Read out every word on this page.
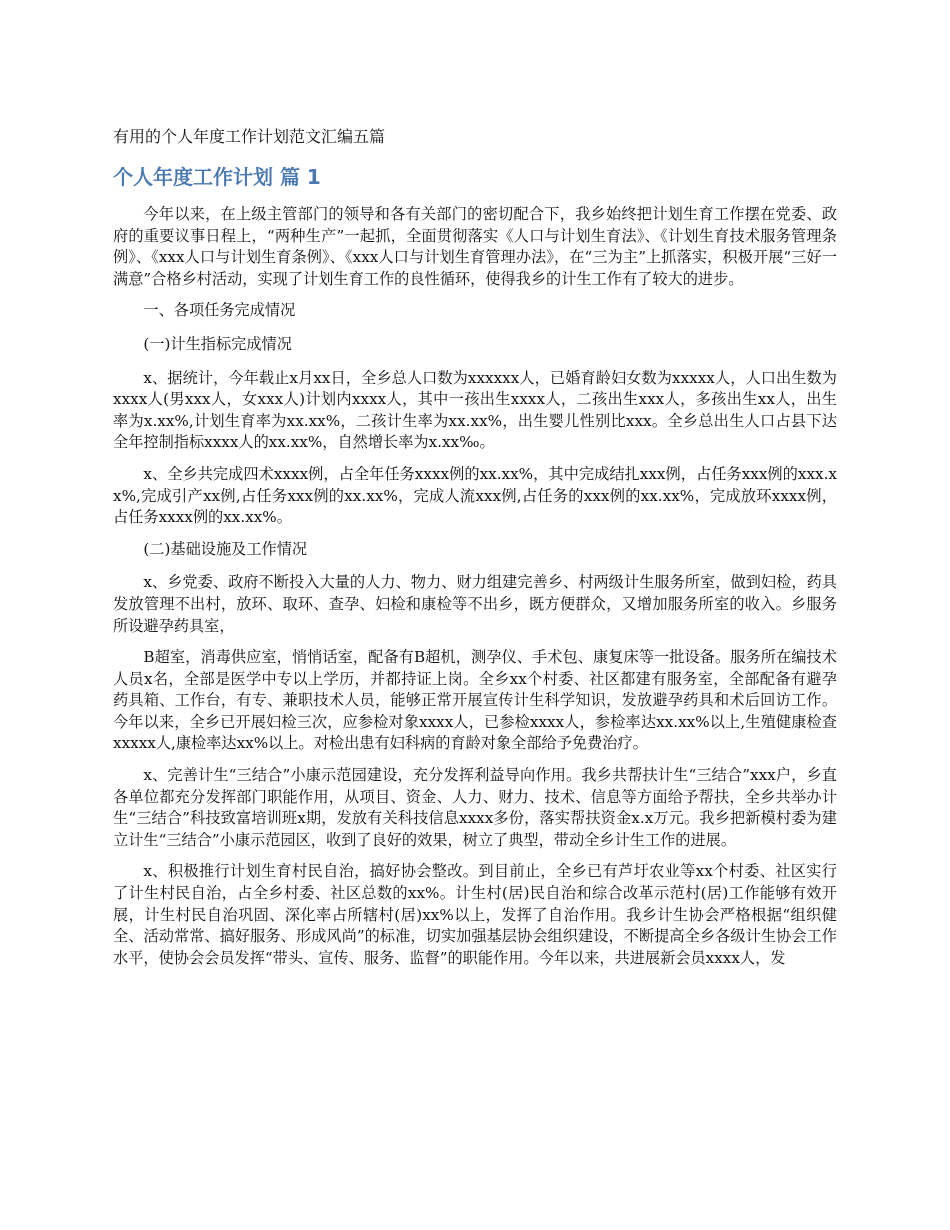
有用的个人年度工作计划范文汇编五篇
个人年度工作计划 篇 1

今年以来，在上级主管部门的领导和各有关部门的密切配合下，我乡始终把计划生育工作摆在党委、政府的重要议事日程上，“两种生产”一起抓，全面贯彻落实《人口与计划生育法》、《计划生育技术服务管理条例》、《xxx人口与计划生育条例》、《xxx人口与计划生育管理办法》，在“三为主”上抓落实，积极开展“三好一满意”合格乡村活动，实现了计划生育工作的良性循环，使得我乡的计生工作有了较大的进步。

一、各项任务完成情况

(一)计生指标完成情况

x、据统计，今年载止x月xx日，全乡总人口数为xxxxxx人，已婚育龄妇女数为xxxxx人，人口出生数为xxxx人(男xxx人，女xxx人)计划内xxxx人，其中一孩出生xxxx人，二孩出生xxx人，多孩出生xx人，出生率为x.xx%,计划生育率为xx.xx%，二孩计生率为xx.xx%，出生婴儿性别比xxx。全乡总出生人口占县下达全年控制指标xxxx人的xx.xx%，自然增长率为x.xx‰。

x、全乡共完成四术xxxx例，占全年任务xxxx例的xx.xx%，其中完成结扎xxx例，占任务xxx例的xxx.xx%,完成引产xx例,占任务xxx例的xx.xx%，完成人流xxx例,占任务的xxx例的xx.xx%，完成放环xxxx例，占任务xxxx例的xx.xx%。

(二)基础设施及工作情况

x、乡党委、政府不断投入大量的人力、物力、财力组建完善乡、村两级计生服务所室，做到妇检，药具发放管理不出村，放环、取环、查孕、妇检和康检等不出乡，既方便群众，又增加服务所室的收入。乡服务所设避孕药具室，

B超室，消毒供应室，悄悄话室，配备有B超机，测孕仪、手术包、康复床等一批设备。服务所在编技术人员x名，全部是医学中专以上学历，并都持证上岗。全乡xx个村委、社区都建有服务室，全部配备有避孕药具箱、工作台，有专、兼职技术人员，能够正常开展宣传计生科学知识，发放避孕药具和术后回访工作。今年以来，全乡已开展妇检三次，应参检对象xxxx人，已参检xxxx人，参检率达xx.xx%以上,生殖健康检查xxxxx人,康检率达xx%以上。对检出患有妇科病的育龄对象全部给予免费治疗。

x、完善计生“三结合”小康示范园建设，充分发挥利益导向作用。我乡共帮扶计生“三结合”xxx户，乡直各单位都充分发挥部门职能作用，从项目、资金、人力、财力、技术、信息等方面给予帮扶，全乡共举办计生“三结合”科技致富培训班x期，发放有关科技信息xxxx多份，落实帮扶资金x.x万元。我乡把新模村委为建立计生“三结合”小康示范园区，收到了良好的效果，树立了典型，带动全乡计生工作的进展。

x、积极推行计划生育村民自治，搞好协会整改。到目前止，全乡已有芦圩农业等xx个村委、社区实行了计生村民自治，占全乡村委、社区总数的xx%。计生村(居)民自治和综合改革示范村(居)工作能够有效开展，计生村民自治巩固、深化率占所辖村(居)xx%以上，发挥了自治作用。我乡计生协会严格根据“组织健全、活动常常、搞好服务、形成风尚”的标准，切实加强基层协会组织建设，不断提高全乡各级计生协会工作水平，使协会会员发挥“带头、宣传、服务、监督”的职能作用。今年以来，共进展新会员xxxx人，发
